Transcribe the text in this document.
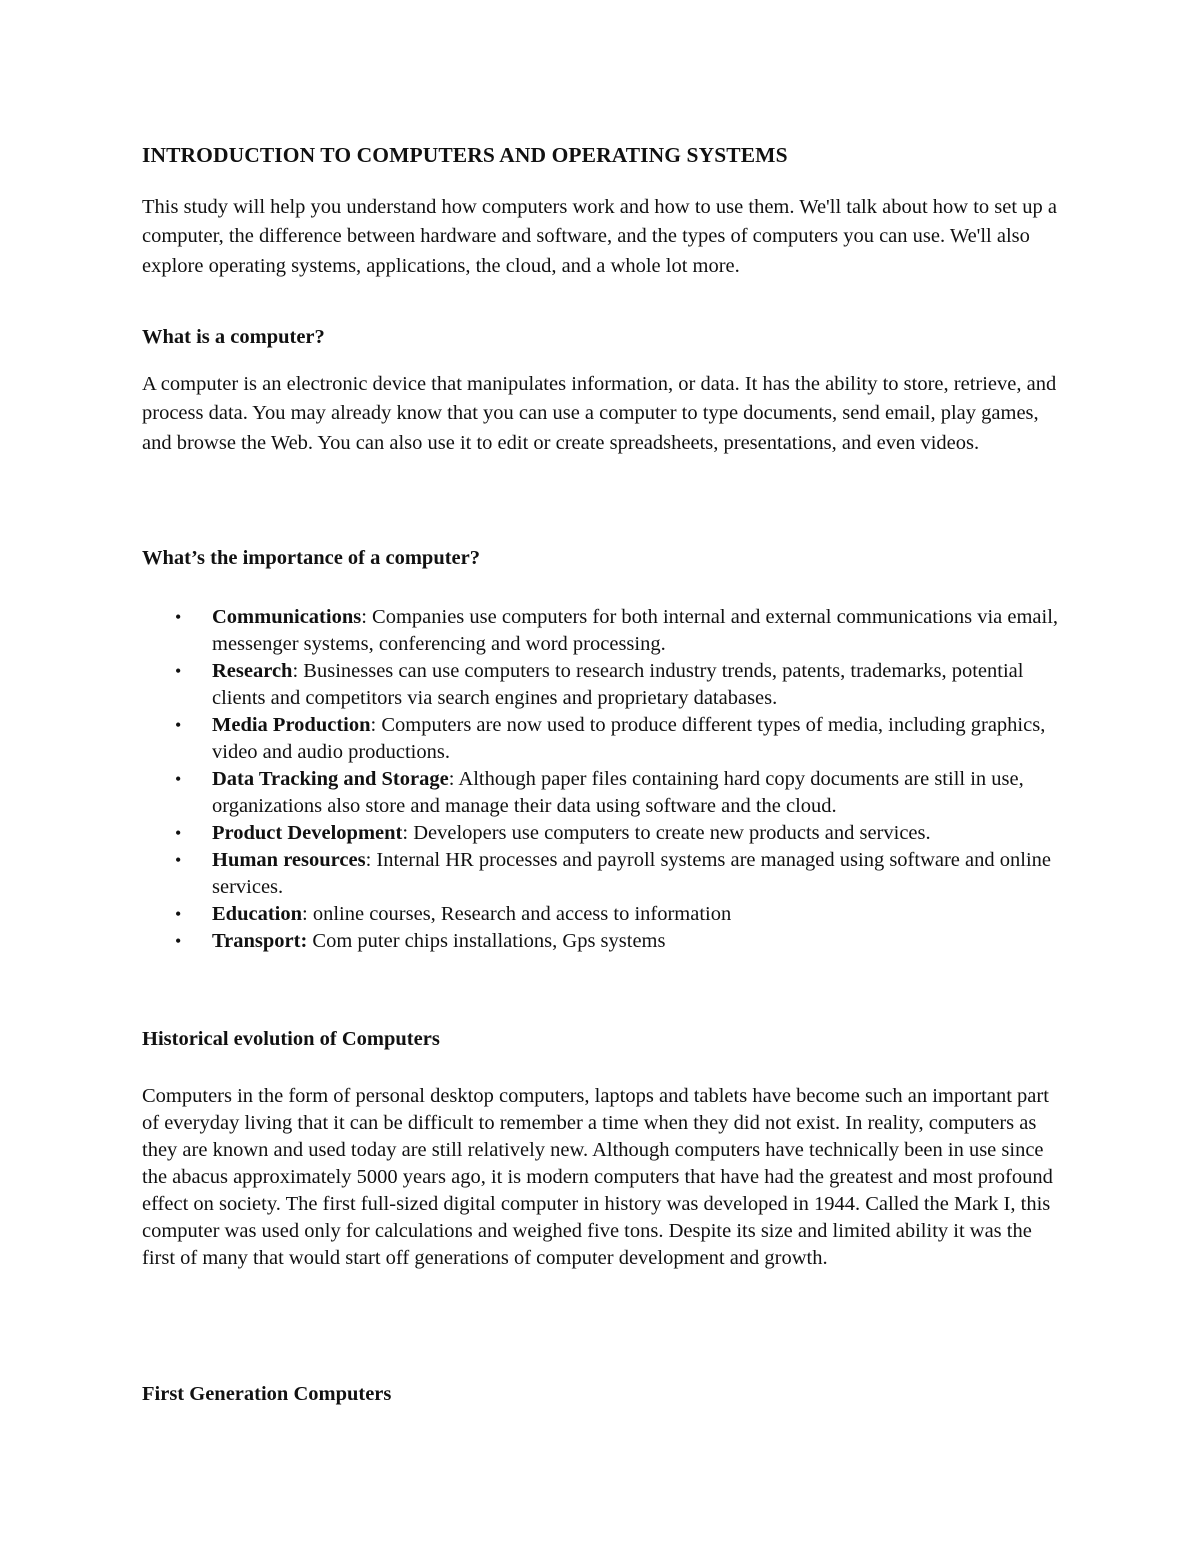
INTRODUCTION TO COMPUTERS AND OPERATING SYSTEMS

This study will help you understand how computers work and how to use them. We'll talk about how to set up a computer, the difference between hardware and software, and the types of computers you can use. We'll also explore operating systems, applications, the cloud, and a whole lot more.

What is a computer?

A computer is an electronic device that manipulates information, or data. It has the ability to store, retrieve, and process data. You may already know that you can use a computer to type documents, send email, play games, and browse the Web. You can also use it to edit or create spreadsheets, presentations, and even videos.

What’s the importance of a computer?
• Communications: Companies use computers for both internal and external communications via email, messenger systems, conferencing and word processing.
• Research: Businesses can use computers to research industry trends, patents, trademarks, potential clients and competitors via search engines and proprietary databases.
• Media Production: Computers are now used to produce different types of media, including graphics, video and audio productions.
• Data Tracking and Storage: Although paper files containing hard copy documents are still in use, organizations also store and manage their data using software and the cloud.
• Product Development: Developers use computers to create new products and services.
• Human resources: Internal HR processes and payroll systems are managed using software and online services.
• Education: online courses, Research and access to information
• Transport: Com puter chips installations, Gps systems
Historical evolution of Computers

Computers in the form of personal desktop computers, laptops and tablets have become such an important part of everyday living that it can be difficult to remember a time when they did not exist. In reality, computers as they are known and used today are still relatively new. Although computers have technically been in use since the abacus approximately 5000 years ago, it is modern computers that have had the greatest and most profound effect on society. The first full-sized digital computer in history was developed in 1944. Called the Mark I, this computer was used only for calculations and weighed five tons. Despite its size and limited ability it was the first of many that would start off generations of computer development and growth.

First Generation Computers
